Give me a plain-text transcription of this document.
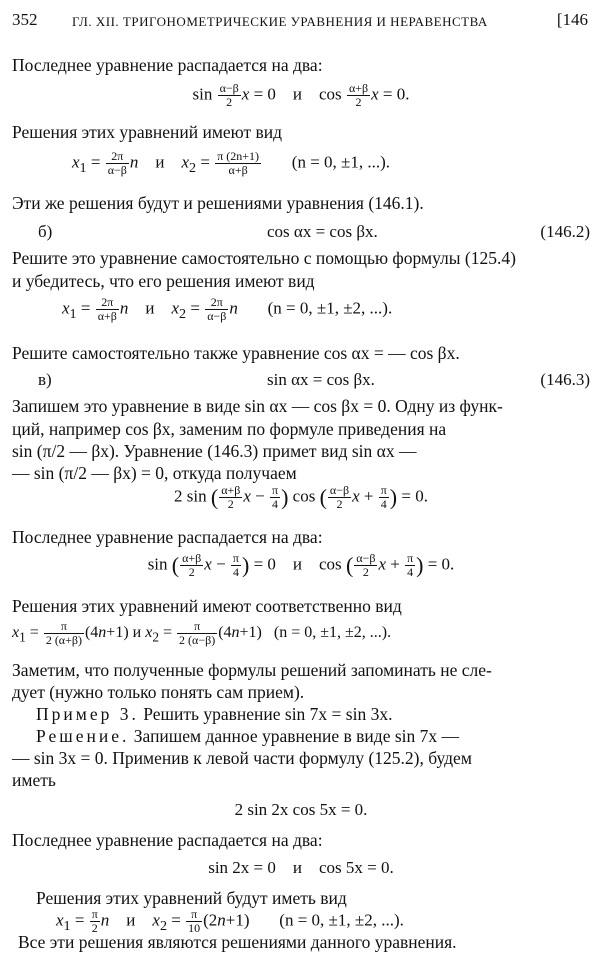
352	ГЛ. XII. ТРИГОНОМЕТРИЧЕСКИЕ УРАВНЕНИЯ И НЕРАВЕНСТВА	[146
Последнее уравнение распадается на два:
$\sin \frac{\alpha-\beta}{2}$ x = 0    и    $\cos \frac{\alpha+\beta}{2}$ x = 0.
Решения этих уравнений имеют вид
$x_1 = \frac{2\pi}{\alpha-\beta}$ n и $x_2 = \frac{\pi (2n+1)}{\alpha+\beta} (n = 0$, ±1, ...).
Эти же решения будут и решениями уравнения (146.1).
б)	cos αx = cos βx.	(146.2)
Решите это уравнение самостоятельно с помощью формулы (125.4)
и убедитесь, что его решения имеют вид
$x_1 = \frac{2\pi}{\alpha+\beta}$ n и $x_2 = \frac{2\pi}{\alpha-\beta}$ n (n = 0, ±1, ±2, ...).
Решите самостоятельно также уравнение cos αx = — cos βx.
в)	sin αx = cos βx.	(146.3)
Запишем это уравнение в виде sin αx — cos βx = 0. Одну из функ-
ций, например cos βx, заменим по формуле приведения на
sin (π/2 — βx). Уравнение (146.3) примет вид sin αx —
— sin (π/2 — βx) = 0, откуда получаем
2 sin ( $\frac{\alpha+\beta}{2}$ $x - \frac{\pi}{4}$ ) cos ( $\frac{\alpha-\beta}{2}$ $x + \frac{\pi}{4}$ ) = 0.
Последнее уравнение распадается на два:
sin ( $\frac{\alpha+\beta}{2}$ $x - \frac{\pi}{4}$ ) = 0    и    cos ( $\frac{\alpha-\beta}{2}$ $x + \frac{\pi}{4}$ ) = 0.
Решения этих уравнений имеют соответственно вид
$x_1 = \frac{\pi}{2 (\alpha+\beta)} (4n+1)$ и $x_2 = \frac{\pi}{2 (\alpha-\beta)} (4n+1) (n = 0$, ±1, ±2, ...).
Заметим, что полученные формулы решений запоминать не сле-
дует (нужно только понять сам прием).
Пример 3. Решить уравнение sin 7x = sin 3x.
Решение. Запишем данное уравнение в виде sin 7x —
— sin 3x = 0. Применив к левой части формулу (125.2), будем
иметь
2 sin 2x cos 5x = 0.
Последнее уравнение распадается на два:
sin 2x = 0 и cos 5x = 0.
Решения этих уравнений будут иметь вид
$x_1 = \frac{\pi}{2}$ n и $x_2 = \frac{\pi}{10} (2n+1)$       (n = 0, ±1, ±2, ...).
Все эти решения являются решениями данного уравнения.
